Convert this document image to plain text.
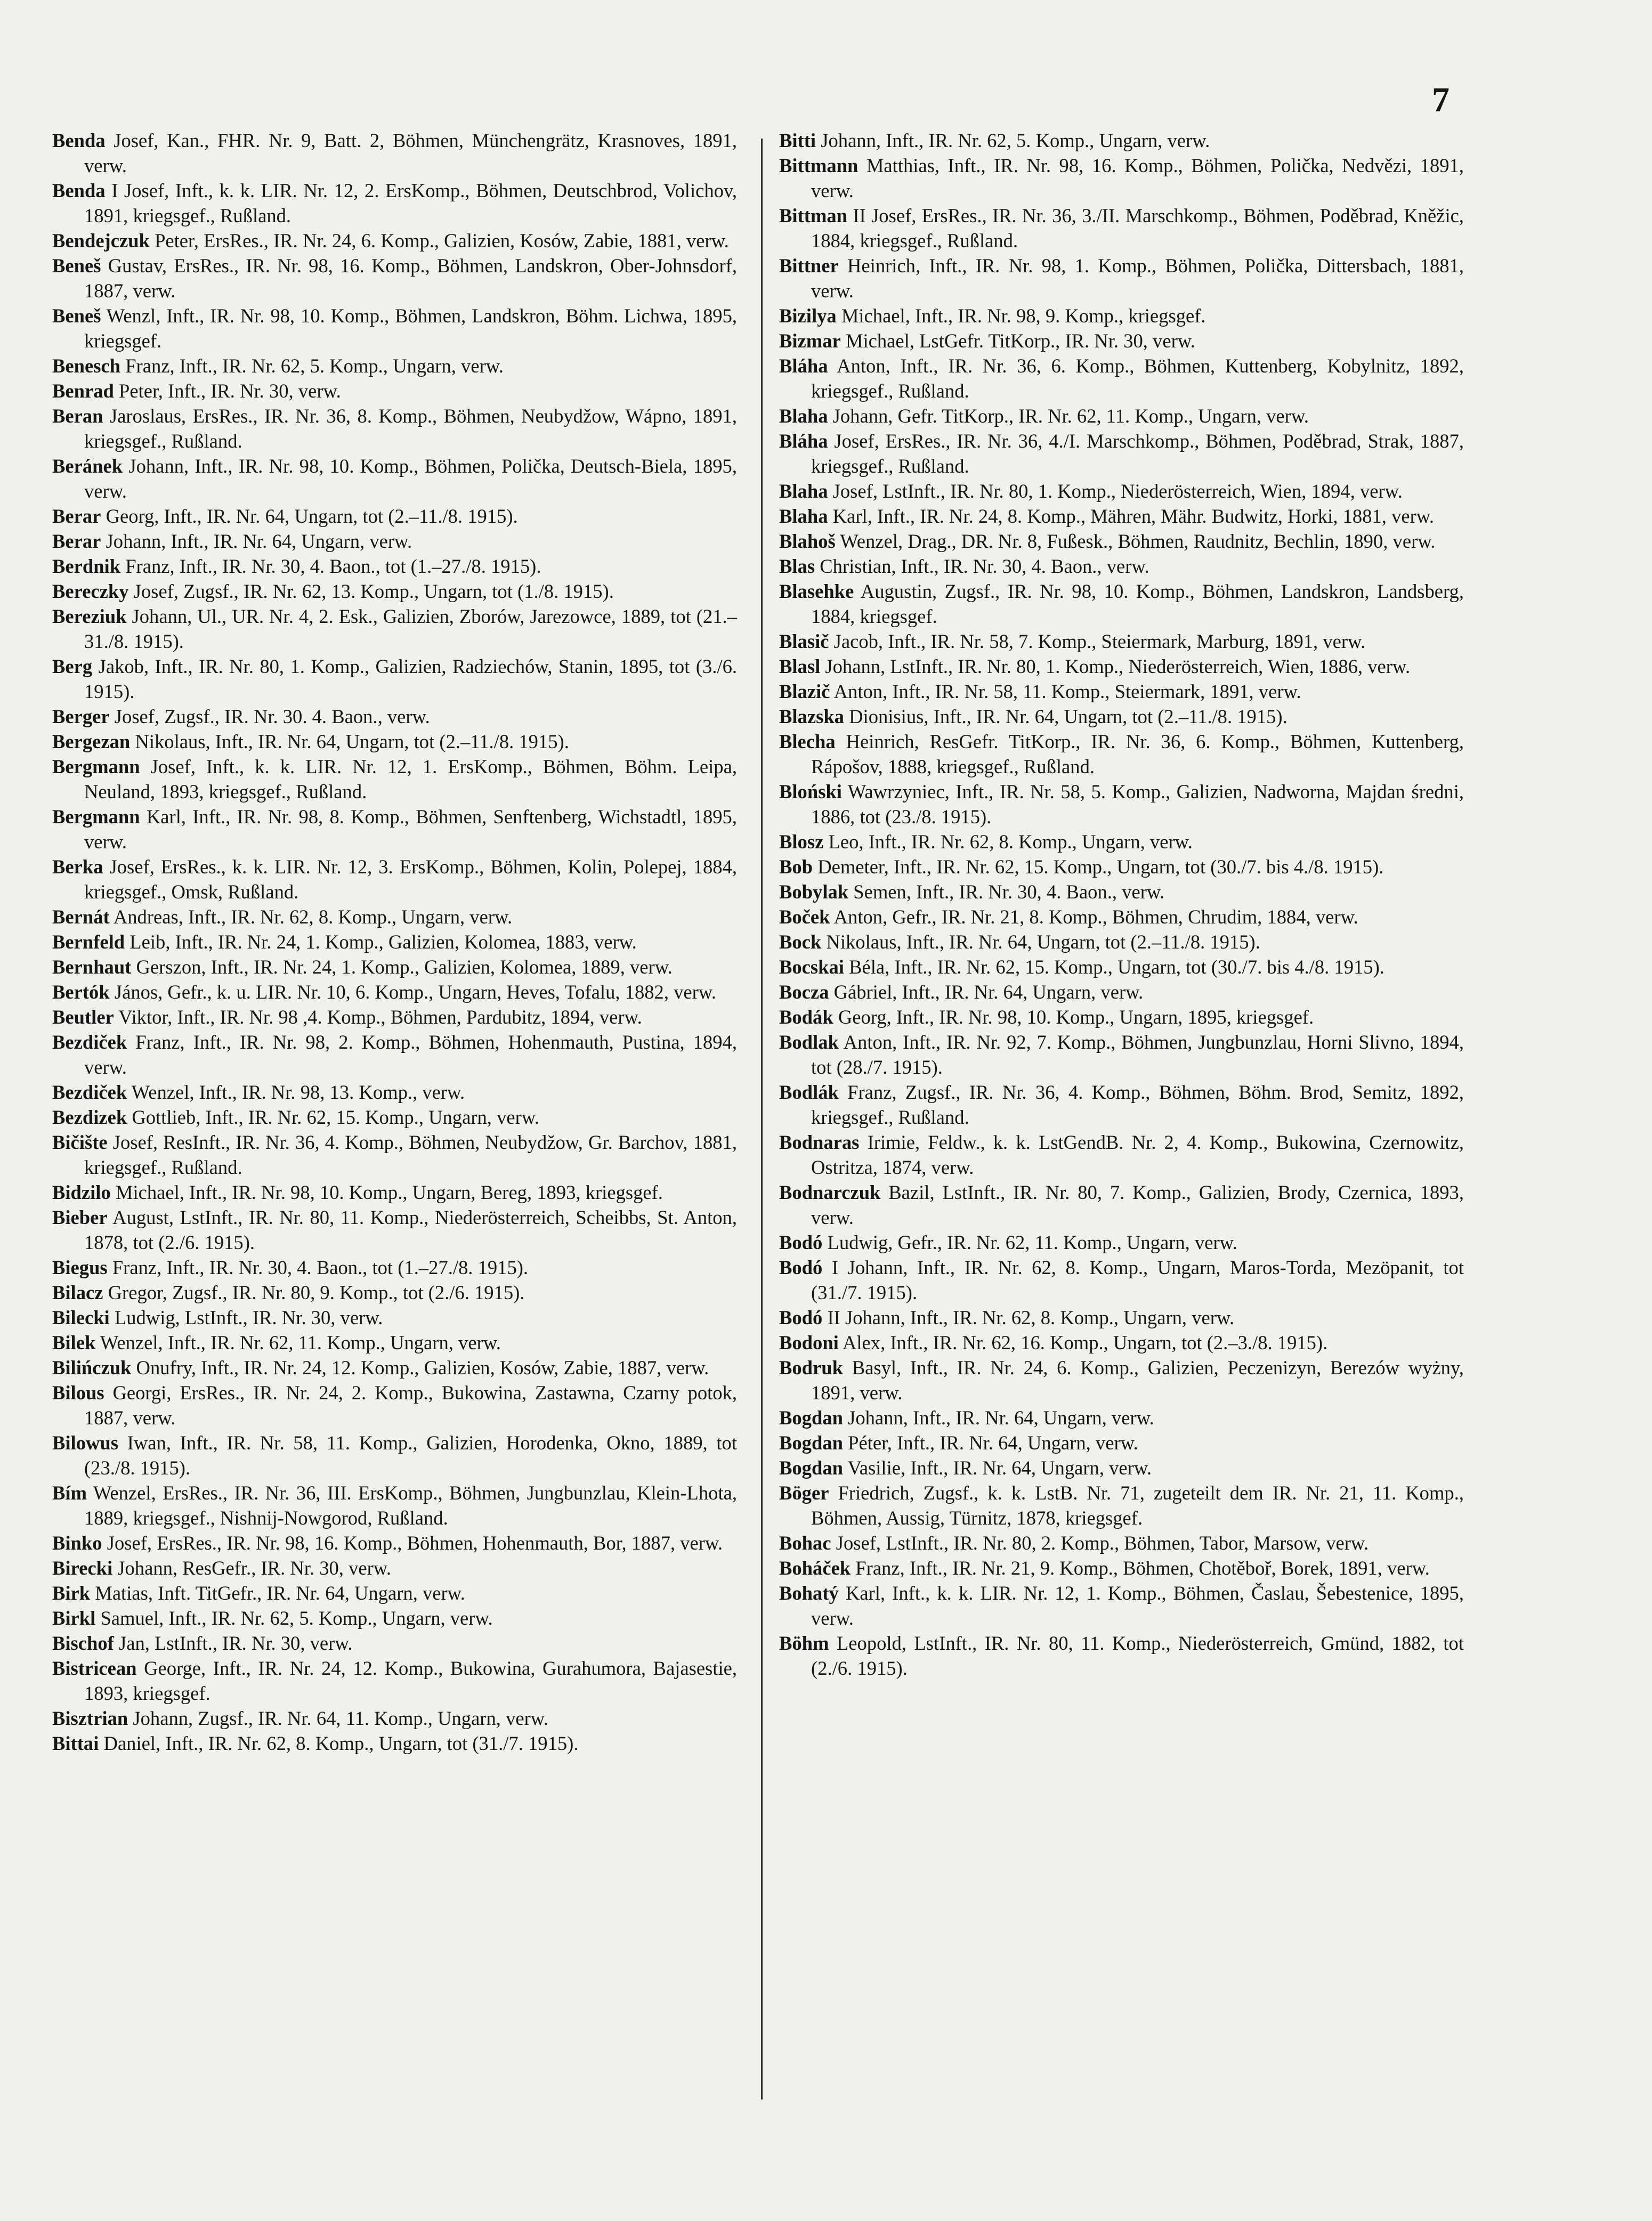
7

Benda Josef, Kan., FHR. Nr. 9, Batt. 2, Böhmen, Münchengrätz, Krasnoves, 1891, verw.

Benda I Josef, Inft., k. k. LIR. Nr. 12, 2. ErsKomp., Böhmen, Deutschbrod, Volichov, 1891, kriegsgef., Rußland.

Bendejczuk Peter, ErsRes., IR. Nr. 24, 6. Komp., Galizien, Kosów, Zabie, 1881, verw.

Beneš Gustav, ErsRes., IR. Nr. 98, 16. Komp., Böhmen, Landskron, Ober-Johnsdorf, 1887, verw.

Beneš Wenzl, Inft., IR. Nr. 98, 10. Komp., Böhmen, Landskron, Böhm. Lichwa, 1895, kriegsgef.

Benesch Franz, Inft., IR. Nr. 62, 5. Komp., Ungarn, verw.

Benrad Peter, Inft., IR. Nr. 30, verw.

Beran Jaroslaus, ErsRes., IR. Nr. 36, 8. Komp., Böhmen, Neubydžow, Wápno, 1891, kriegsgef., Rußland.

Beránek Johann, Inft., IR. Nr. 98, 10. Komp., Böhmen, Polička, Deutsch-Biela, 1895, verw.

Berar Georg, Inft., IR. Nr. 64, Ungarn, tot (2.–11./8. 1915).

Berar Johann, Inft., IR. Nr. 64, Ungarn, verw.

Berdnik Franz, Inft., IR. Nr. 30, 4. Baon., tot (1.–27./8. 1915).

Bereczky Josef, Zugsf., IR. Nr. 62, 13. Komp., Ungarn, tot (1./8. 1915).

Bereziuk Johann, Ul., UR. Nr. 4, 2. Esk., Galizien, Zborów, Jarezowce, 1889, tot (21.–31./8. 1915).

Berg Jakob, Inft., IR. Nr. 80, 1. Komp., Galizien, Radziechów, Stanin, 1895, tot (3./6. 1915).

Berger Josef, Zugsf., IR. Nr. 30. 4. Baon., verw.

Bergezan Nikolaus, Inft., IR. Nr. 64, Ungarn, tot (2.–11./8. 1915).

Bergmann Josef, Inft., k. k. LIR. Nr. 12, 1. ErsKomp., Böhmen, Böhm. Leipa, Neuland, 1893, kriegsgef., Rußland.

Bergmann Karl, Inft., IR. Nr. 98, 8. Komp., Böhmen, Senftenberg, Wichstadtl, 1895, verw.

Berka Josef, ErsRes., k. k. LIR. Nr. 12, 3. ErsKomp., Böhmen, Kolin, Polepej, 1884, kriegsgef., Omsk, Rußland.

Bernát Andreas, Inft., IR. Nr. 62, 8. Komp., Ungarn, verw.

Bernfeld Leib, Inft., IR. Nr. 24, 1. Komp., Galizien, Kolomea, 1883, verw.

Bernhaut Gerszon, Inft., IR. Nr. 24, 1. Komp., Galizien, Kolomea, 1889, verw.

Bertók János, Gefr., k. u. LIR. Nr. 10, 6. Komp., Ungarn, Heves, Tofalu, 1882, verw.

Beutler Viktor, Inft., IR. Nr. 98 ,4. Komp., Böhmen, Pardubitz, 1894, verw.

Bezdiček Franz, Inft., IR. Nr. 98, 2. Komp., Böhmen, Hohenmauth, Pustina, 1894, verw.

Bezdiček Wenzel, Inft., IR. Nr. 98, 13. Komp., verw.

Bezdizek Gottlieb, Inft., IR. Nr. 62, 15. Komp., Ungarn, verw.

Bičište Josef, ResInft., IR. Nr. 36, 4. Komp., Böhmen, Neubydžow, Gr. Barchov, 1881, kriegsgef., Rußland.

Bidzilo Michael, Inft., IR. Nr. 98, 10. Komp., Ungarn, Bereg, 1893, kriegsgef.

Bieber August, LstInft., IR. Nr. 80, 11. Komp., Niederösterreich, Scheibbs, St. Anton, 1878, tot (2./6. 1915).

Biegus Franz, Inft., IR. Nr. 30, 4. Baon., tot (1.–27./8. 1915).

Bilacz Gregor, Zugsf., IR. Nr. 80, 9. Komp., tot (2./6. 1915).

Bilecki Ludwig, LstInft., IR. Nr. 30, verw.

Bilek Wenzel, Inft., IR. Nr. 62, 11. Komp., Ungarn, verw.

Bilińczuk Onufry, Inft., IR. Nr. 24, 12. Komp., Galizien, Kosów, Zabie, 1887, verw.

Bilous Georgi, ErsRes., IR. Nr. 24, 2. Komp., Bukowina, Zastawna, Czarny potok, 1887, verw.

Bilowus Iwan, Inft., IR. Nr. 58, 11. Komp., Galizien, Horodenka, Okno, 1889, tot (23./8. 1915).

Bím Wenzel, ErsRes., IR. Nr. 36, III. ErsKomp., Böhmen, Jungbunzlau, Klein-Lhota, 1889, kriegsgef., Nishnij-Nowgorod, Rußland.

Binko Josef, ErsRes., IR. Nr. 98, 16. Komp., Böhmen, Hohenmauth, Bor, 1887, verw.

Birecki Johann, ResGefr., IR. Nr. 30, verw.

Birk Matias, Inft. TitGefr., IR. Nr. 64, Ungarn, verw.

Birkl Samuel, Inft., IR. Nr. 62, 5. Komp., Ungarn, verw.

Bischof Jan, LstInft., IR. Nr. 30, verw.

Bistricean George, Inft., IR. Nr. 24, 12. Komp., Bukowina, Gurahumora, Bajasestie, 1893, kriegsgef.

Bisztrian Johann, Zugsf., IR. Nr. 64, 11. Komp., Ungarn, verw.

Bittai Daniel, Inft., IR. Nr. 62, 8. Komp., Ungarn, tot (31./7. 1915).

Bitti Johann, Inft., IR. Nr. 62, 5. Komp., Ungarn, verw.

Bittmann Matthias, Inft., IR. Nr. 98, 16. Komp., Böhmen, Polička, Nedvězi, 1891, verw.

Bittman II Josef, ErsRes., IR. Nr. 36, 3./II. Marschkomp., Böhmen, Poděbrad, Kněžic, 1884, kriegsgef., Rußland.

Bittner Heinrich, Inft., IR. Nr. 98, 1. Komp., Böhmen, Polička, Dittersbach, 1881, verw.

Bizilya Michael, Inft., IR. Nr. 98, 9. Komp., kriegsgef.

Bizmar Michael, LstGefr. TitKorp., IR. Nr. 30, verw.

Bláha Anton, Inft., IR. Nr. 36, 6. Komp., Böhmen, Kuttenberg, Kobylnitz, 1892, kriegsgef., Rußland.

Blaha Johann, Gefr. TitKorp., IR. Nr. 62, 11. Komp., Ungarn, verw.

Bláha Josef, ErsRes., IR. Nr. 36, 4./I. Marschkomp., Böhmen, Poděbrad, Strak, 1887, kriegsgef., Rußland.

Blaha Josef, LstInft., IR. Nr. 80, 1. Komp., Niederösterreich, Wien, 1894, verw.

Blaha Karl, Inft., IR. Nr. 24, 8. Komp., Mähren, Mähr. Budwitz, Horki, 1881, verw.

Blahoš Wenzel, Drag., DR. Nr. 8, Fußesk., Böhmen, Raudnitz, Bechlin, 1890, verw.

Blas Christian, Inft., IR. Nr. 30, 4. Baon., verw.

Blasehke Augustin, Zugsf., IR. Nr. 98, 10. Komp., Böhmen, Landskron, Landsberg, 1884, kriegsgef.

Blasič Jacob, Inft., IR. Nr. 58, 7. Komp., Steiermark, Marburg, 1891, verw.

Blasl Johann, LstInft., IR. Nr. 80, 1. Komp., Niederösterreich, Wien, 1886, verw.

Blazič Anton, Inft., IR. Nr. 58, 11. Komp., Steiermark, 1891, verw.

Blazska Dionisius, Inft., IR. Nr. 64, Ungarn, tot (2.–11./8. 1915).

Blecha Heinrich, ResGefr. TitKorp., IR. Nr. 36, 6. Komp., Böhmen, Kuttenberg, Rápošov, 1888, kriegsgef., Rußland.

Bloński Wawrzyniec, Inft., IR. Nr. 58, 5. Komp., Galizien, Nadworna, Majdan średni, 1886, tot (23./8. 1915).

Blosz Leo, Inft., IR. Nr. 62, 8. Komp., Ungarn, verw.

Bob Demeter, Inft., IR. Nr. 62, 15. Komp., Ungarn, tot (30./7. bis 4./8. 1915).

Bobylak Semen, Inft., IR. Nr. 30, 4. Baon., verw.

Boček Anton, Gefr., IR. Nr. 21, 8. Komp., Böhmen, Chrudim, 1884, verw.

Bock Nikolaus, Inft., IR. Nr. 64, Ungarn, tot (2.–11./8. 1915).

Bocskai Béla, Inft., IR. Nr. 62, 15. Komp., Ungarn, tot (30./7. bis 4./8. 1915).

Bocza Gábriel, Inft., IR. Nr. 64, Ungarn, verw.

Bodák Georg, Inft., IR. Nr. 98, 10. Komp., Ungarn, 1895, kriegsgef.

Bodlak Anton, Inft., IR. Nr. 92, 7. Komp., Böhmen, Jungbunzlau, Horni Slivno, 1894, tot (28./7. 1915).

Bodlák Franz, Zugsf., IR. Nr. 36, 4. Komp., Böhmen, Böhm. Brod, Semitz, 1892, kriegsgef., Rußland.

Bodnaras Irimie, Feldw., k. k. LstGendB. Nr. 2, 4. Komp., Bukowina, Czernowitz, Ostritza, 1874, verw.

Bodnarczuk Bazil, LstInft., IR. Nr. 80, 7. Komp., Galizien, Brody, Czernica, 1893, verw.

Bodó Ludwig, Gefr., IR. Nr. 62, 11. Komp., Ungarn, verw.

Bodó I Johann, Inft., IR. Nr. 62, 8. Komp., Ungarn, Maros-Torda, Mezöpanit, tot (31./7. 1915).

Bodó II Johann, Inft., IR. Nr. 62, 8. Komp., Ungarn, verw.

Bodoni Alex, Inft., IR. Nr. 62, 16. Komp., Ungarn, tot (2.–3./8. 1915).

Bodruk Basyl, Inft., IR. Nr. 24, 6. Komp., Galizien, Peczenizyn, Berezów wyżny, 1891, verw.

Bogdan Johann, Inft., IR. Nr. 64, Ungarn, verw.

Bogdan Péter, Inft., IR. Nr. 64, Ungarn, verw.

Bogdan Vasilie, Inft., IR. Nr. 64, Ungarn, verw.

Böger Friedrich, Zugsf., k. k. LstB. Nr. 71, zugeteilt dem IR. Nr. 21, 11. Komp., Böhmen, Aussig, Türnitz, 1878, kriegsgef.

Bohac Josef, LstInft., IR. Nr. 80, 2. Komp., Böhmen, Tabor, Marsow, verw.

Boháček Franz, Inft., IR. Nr. 21, 9. Komp., Böhmen, Chotěboř, Borek, 1891, verw.

Bohatý Karl, Inft., k. k. LIR. Nr. 12, 1. Komp., Böhmen, Časlau, Šebestenice, 1895, verw.

Böhm Leopold, LstInft., IR. Nr. 80, 11. Komp., Niederösterreich, Gmünd, 1882, tot (2./6. 1915).
